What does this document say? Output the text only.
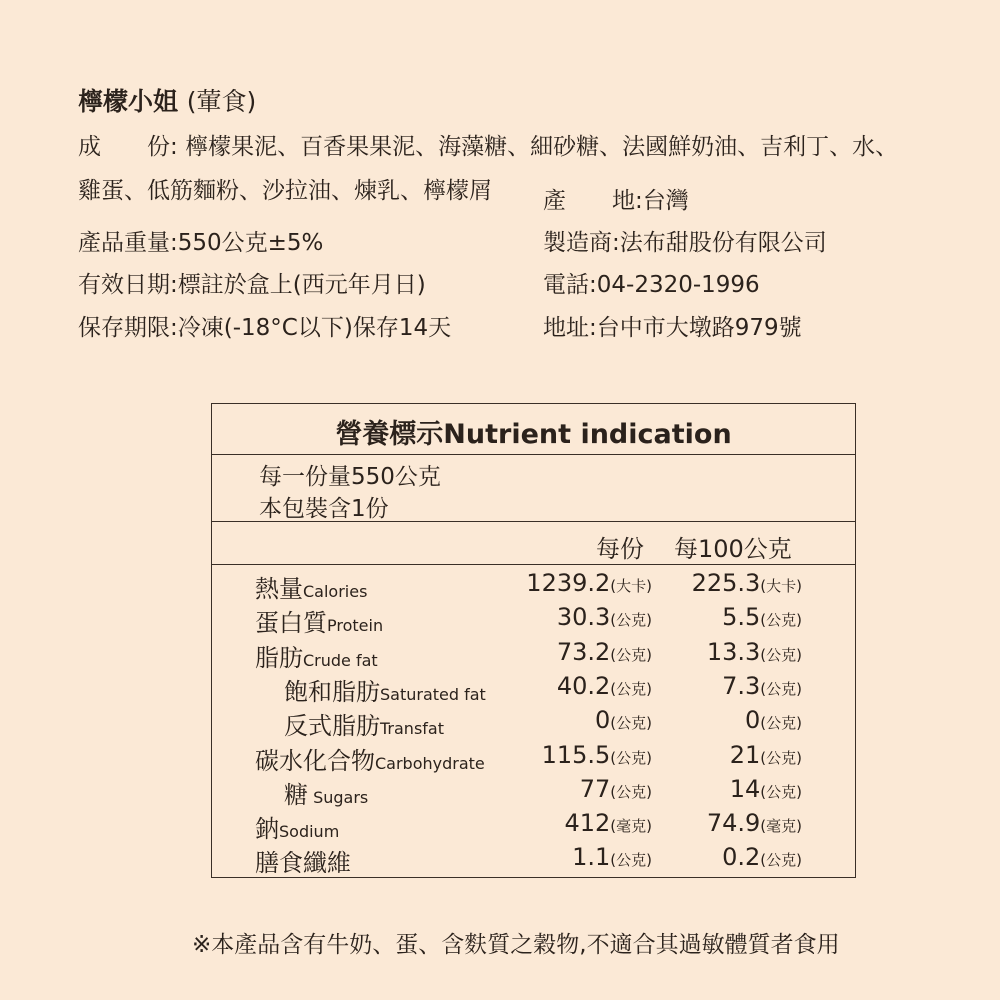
檸檬小姐 (葷食)
成　　份: 檸檬果泥、百香果果泥、海藻糖、細砂糖、法國鮮奶油、吉利丁、水、
雞蛋、低筋麵粉、沙拉油、煉乳、檸檬屑 產　　地:台灣
產品重量:550公克±5%	製造商:法布甜股份有限公司
有效日期:標註於盒上(西元年月日)	電話:04-2320-1996
保存期限:冷凍(-18°C以下)保存14天	地址:台中市大墩路979號
營養標示Nutrient indication
每一份量550公克
本包裝含1份
每份 每100公克
熱量Calories	1239.2(大卡)	225.3(大卡)
蛋白質Protein	30.3(公克)	5.5(公克)
脂肪Crude fat	73.2(公克)	13.3(公克)
飽和脂肪Saturated fat	40.2(公克)	7.3(公克)
反式脂肪Transfat	0(公克)	0(公克)
碳水化合物Carbohydrate	115.5(公克)	21(公克)
糖 Sugars	77(公克)	14(公克)
鈉Sodium	412(毫克)	74.9(毫克)
膳食纖維	1.1(公克)	0.2(公克)
※本產品含有牛奶、蛋、含麩質之穀物,不適合其過敏體質者食用
